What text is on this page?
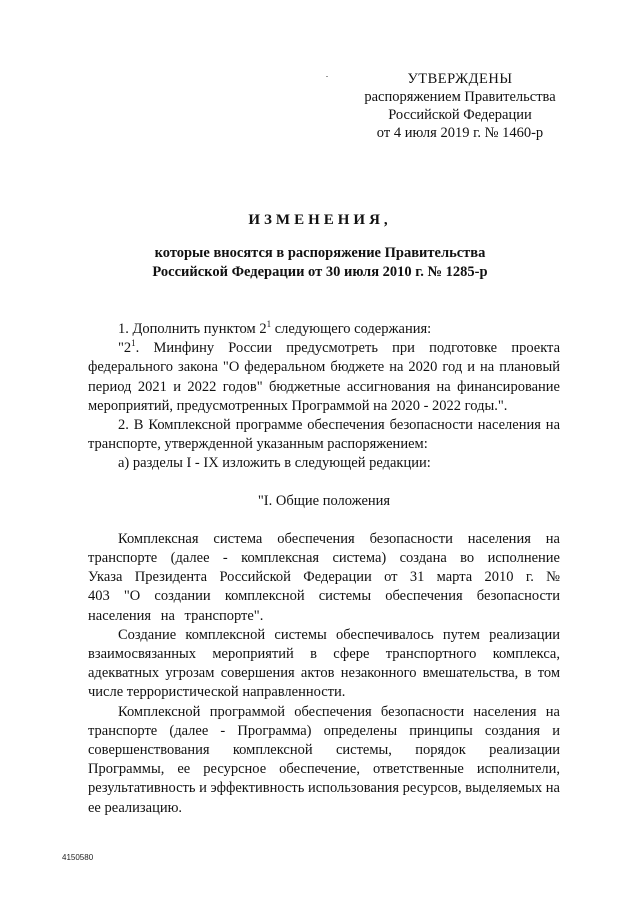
УТВЕРЖДЕНЫ
распоряжением Правительства
Российской Федерации
от 4 июля 2019 г. № 1460-р
ИЗМЕНЕНИЯ,
которые вносятся в распоряжение Правительства
Российской Федерации от 30 июля 2010 г. № 1285-р

1. Дополнить пунктом $2^1$ следующего содержания:

"$2^1$. Минфину России предусмотреть при подготовке проекта федерального закона "О федеральном бюджете на 2020 год и на плановый период 2021 и 2022 годов" бюджетные ассигнования на финансирование мероприятий, предусмотренных Программой на 2020 - 2022 годы.".

2. В Комплексной программе обеспечения безопасности населения на транспорте, утвержденной указанным распоряжением:

а) разделы I - IX изложить в следующей редакции:

"I. Общие положения

Комплексная система обеспечения безопасности населения на транспорте (далее - комплексная система) создана во исполнение Указа Президента Российской Федерации от 31 марта 2010 г. № 403 "О создании комплексной системы обеспечения безопасности населения на транспорте".

Создание комплексной системы обеспечивалось путем реализации взаимосвязанных мероприятий в сфере транспортного комплекса, адекватных угрозам совершения актов незаконного вмешательства, в том числе террористической направленности.

Комплексной программой обеспечения безопасности населения на транспорте (далее - Программа) определены принципы создания и совершенствования комплексной системы, порядок реализации Программы, ее ресурсное обеспечение, ответственные исполнители, результативность и эффективность использования ресурсов, выделяемых на ее реализацию.

4150580
